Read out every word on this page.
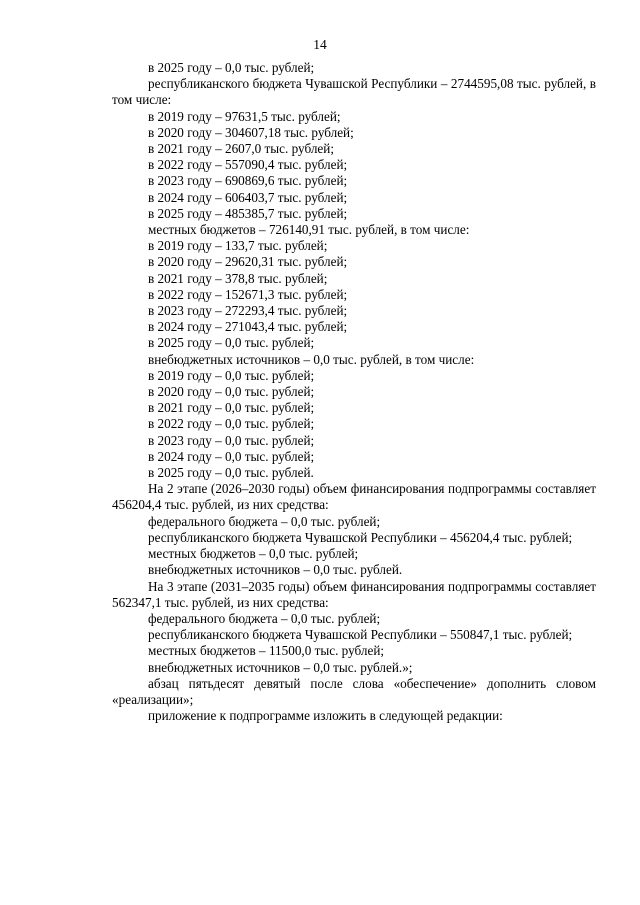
14

в 2025 году – 0,0 тыс. рублей;

республиканского бюджета Чувашской Республики – 2744595,08 тыс. рублей, в том числе:

в 2019 году – 97631,5 тыс. рублей;

в 2020 году – 304607,18 тыс. рублей;

в 2021 году – 2607,0 тыс. рублей;

в 2022 году – 557090,4 тыс. рублей;

в 2023 году – 690869,6 тыс. рублей;

в 2024 году – 606403,7 тыс. рублей;

в 2025 году – 485385,7 тыс. рублей;

местных бюджетов – 726140,91 тыс. рублей, в том числе:

в 2019 году – 133,7 тыс. рублей;

в 2020 году – 29620,31 тыс. рублей;

в 2021 году – 378,8 тыс. рублей;

в 2022 году – 152671,3 тыс. рублей;

в 2023 году – 272293,4 тыс. рублей;

в 2024 году – 271043,4 тыс. рублей;

в 2025 году – 0,0 тыс. рублей;

внебюджетных источников – 0,0 тыс. рублей, в том числе:

в 2019 году – 0,0 тыс. рублей;

в 2020 году – 0,0 тыс. рублей;

в 2021 году – 0,0 тыс. рублей;

в 2022 году – 0,0 тыс. рублей;

в 2023 году – 0,0 тыс. рублей;

в 2024 году – 0,0 тыс. рублей;

в 2025 году – 0,0 тыс. рублей.

На 2 этапе (2026–2030 годы) объем финансирования подпрограммы составляет 456204,4 тыс. рублей, из них средства:

федерального бюджета – 0,0 тыс. рублей;

республиканского бюджета Чувашской Республики – 456204,4 тыс. рублей;

местных бюджетов – 0,0 тыс. рублей;

внебюджетных источников – 0,0 тыс. рублей.

На 3 этапе (2031–2035 годы) объем финансирования подпрограммы составляет 562347,1 тыс. рублей, из них средства:

федерального бюджета – 0,0 тыс. рублей;

республиканского бюджета Чувашской Республики – 550847,1 тыс. рублей;

местных бюджетов – 11500,0 тыс. рублей;

внебюджетных источников – 0,0 тыс. рублей.»;

абзац пятьдесят девятый после слова «обеспечение» дополнить словом «реализации»;

приложение к подпрограмме изложить в следующей редакции:
